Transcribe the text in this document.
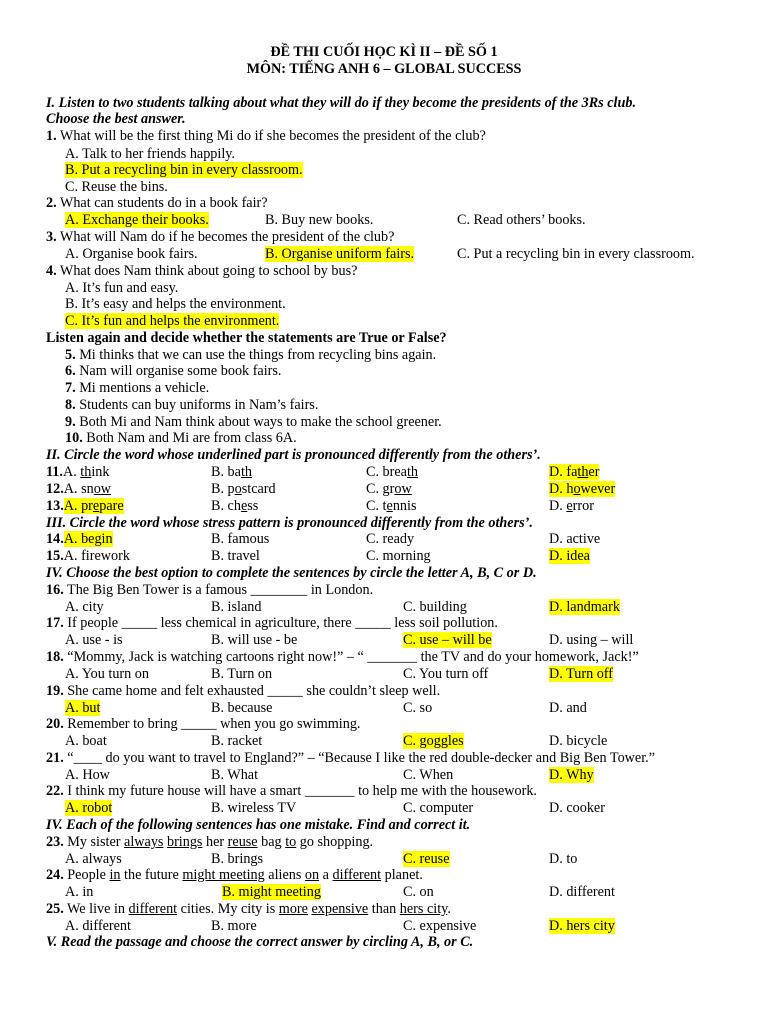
ĐỀ THI CUỐI HỌC KÌ II – ĐỀ SỐ 1
MÔN: TIẾNG ANH 6 – GLOBAL SUCCESS
I. Listen to two students talking about what they will do if they become the presidents of the 3Rs club.
Choose the best answer.
1. What will be the first thing Mi do if she becomes the president of the club?
A. Talk to her friends happily.
B. Put a recycling bin in every classroom.
C. Reuse the bins.
2. What can students do in a book fair?
A. Exchange their books.	B. Buy new books.	C. Read others’ books.
3. What will Nam do if he becomes the president of the club?
A. Organise book fairs.	B. Organise uniform fairs.	C. Put a recycling bin in every classroom.
4. What does Nam think about going to school by bus?
A. It’s fun and easy.
B. It’s easy and helps the environment.
C. It’s fun and helps the environment.
Listen again and decide whether the statements are True or False?
5. Mi thinks that we can use the things from recycling bins again.
6. Nam will organise some book fairs.
7. Mi mentions a vehicle.
8. Students can buy uniforms in Nam’s fairs.
9. Both Mi and Nam think about ways to make the school greener.
10. Both Nam and Mi are from class 6A.
II. Circle the word whose underlined part is pronounced differently from the others’.
11.A. think	B. bath	C. breath	D. father
12.A. snow	B. postcard	C. grow	D. however
13.A. prepare	B. chess	C. tennis	D. error
III. Circle the word whose stress pattern is pronounced differently from the others’.
14.A. begin	B. famous	C. ready	D. active
15.A. firework	B. travel	C. morning	D. idea
IV. Choose the best option to complete the sentences by circle the letter A, B, C or D.
16. The Big Ben Tower is a famous ________ in London.
A. city	B. island	C. building	D. landmark
17. If people _____ less chemical in agriculture, there _____ less soil pollution.
A. use - is	B. will use - be	C. use – will be	D. using – will
18. “Mommy, Jack is watching cartoons right now!” – “ _______ the TV and do your homework, Jack!”
A. You turn on	B. Turn on	C. You turn off	D. Turn off
19. She came home and felt exhausted _____ she couldn’t sleep well.
A. but	B. because	C. so	D. and
20. Remember to bring _____ when you go swimming.
A. boat	B. racket	C. goggles	D. bicycle
21. “____ do you want to travel to England?” – “Because I like the red double-decker and Big Ben Tower.”
A. How	B. What	C. When	D. Why
22. I think my future house will have a smart _______ to help me with the housework.
A. robot	B. wireless TV	C. computer	D. cooker
IV. Each of the following sentences has one mistake. Find and correct it.
23. My sister always brings her reuse bag to go shopping.
A. always	B. brings	C. reuse	D. to
24. People in the future might meeting aliens on a different planet.
A. in	B. might meeting	C. on	D. different
25. We live in different cities. My city is more expensive than hers city.
A. different	B. more	C. expensive	D. hers city
V. Read the passage and choose the correct answer by circling A, B, or C.
